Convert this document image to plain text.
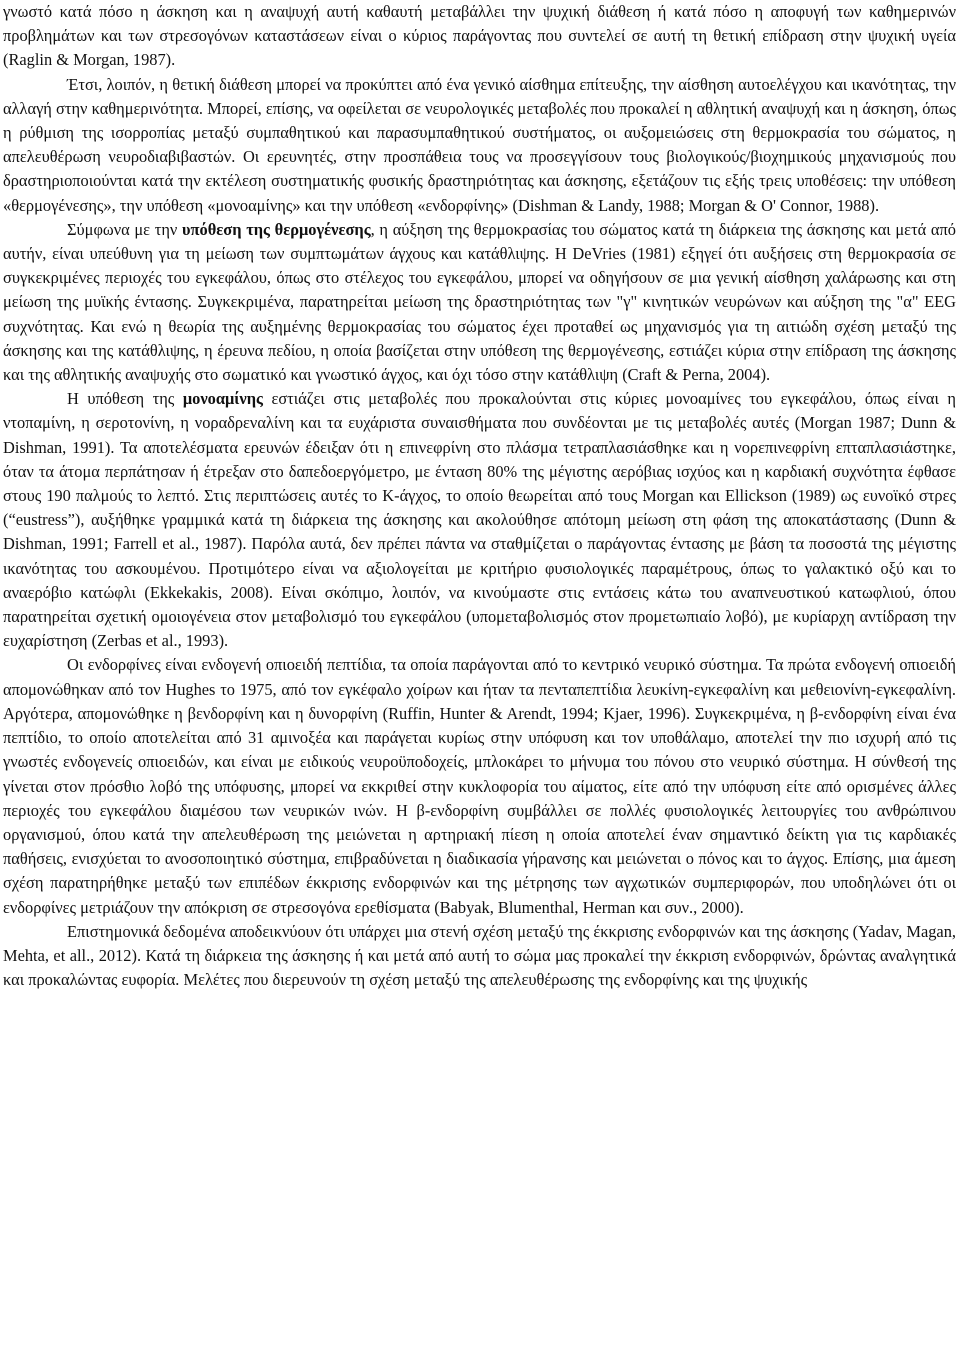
γνωστό κατά πόσο η άσκηση και η αναψυχή αυτή καθαυτή μεταβάλλει την ψυχική διάθεση ή κατά πόσο η αποφυγή των καθημερινών προβλημάτων και των στρεσογόνων καταστάσεων είναι ο κύριος παράγοντας που συντελεί σε αυτή τη θετική επίδραση στην ψυχική υγεία (Raglin & Morgan, 1987).

Έτσι, λοιπόν, η θετική διάθεση μπορεί να προκύπτει από ένα γενικό αίσθημα επίτευξης, την αίσθηση αυτοελέγχου και ικανότητας, την αλλαγή στην καθημερινότητα. Μπορεί, επίσης, να οφείλεται σε νευρολογικές μεταβολές που προκαλεί η αθλητική αναψυχή και η άσκηση, όπως η ρύθμιση της ισορροπίας μεταξύ συμπαθητικού και παρασυμπαθητικού συστήματος, οι αυξομειώσεις στη θερμοκρασία του σώματος, η απελευθέρωση νευροδιαβιβαστών. Οι ερευνητές, στην προσπάθεια τους να προσεγγίσουν τους βιολογικούς/βιοχημικούς μηχανισμούς που δραστηριοποιούνται κατά την εκτέλεση συστηματικής φυσικής δραστηριότητας και άσκησης, εξετάζουν τις εξής τρεις υποθέσεις: την υπόθεση «θερμογένεσης», την υπόθεση «μονοαμίνης» και την υπόθεση «ενδορφίνης» (Dishman & Landy, 1988; Morgan & O' Connor, 1988).

Σύμφωνα με την υπόθεση της θερμογένεσης, η αύξηση της θερμοκρασίας του σώματος κατά τη διάρκεια της άσκησης και μετά από αυτήν, είναι υπεύθυνη για τη μείωση των συμπτωμάτων άγχους και κατάθλιψης. Η DeVries (1981) εξηγεί ότι αυξήσεις στη θερμοκρασία σε συγκεκριμένες περιοχές του εγκεφάλου, όπως στο στέλεχος του εγκεφάλου, μπορεί να οδηγήσουν σε μια γενική αίσθηση χαλάρωσης και στη μείωση της μυϊκής έντασης. Συγκεκριμένα, παρατηρείται μείωση της δραστηριότητας των "γ" κινητικών νευρώνων και αύξηση της "α" EEG συχνότητας. Και ενώ η θεωρία της αυξημένης θερμοκρασίας του σώματος έχει προταθεί ως μηχανισμός για τη αιτιώδη σχέση μεταξύ της άσκησης και της κατάθλιψης, η έρευνα πεδίου, η οποία βασίζεται στην υπόθεση της θερμογένεσης, εστιάζει κύρια στην επίδραση της άσκησης και της αθλητικής αναψυχής στο σωματικό και γνωστικό άγχος, και όχι τόσο στην κατάθλιψη (Craft & Perna, 2004).

Η υπόθεση της μονοαμίνης εστιάζει στις μεταβολές που προκαλούνται στις κύριες μονοαμίνες του εγκεφάλου, όπως είναι η ντοπαμίνη, η σεροτονίνη, η νοραδρεναλίνη και τα ευχάριστα συναισθήματα που συνδέονται με τις μεταβολές αυτές (Morgan 1987; Dunn & Dishman, 1991). Τα αποτελέσματα ερευνών έδειξαν ότι η επινεφρίνη στο πλάσμα τετραπλασιάσθηκε και η νορεπινεφρίνη επταπλασιάστηκε, όταν τα άτομα περπάτησαν ή έτρεξαν στο δαπεδοεργόμετρο, με ένταση 80% της μέγιστης αερόβιας ισχύος και η καρδιακή συχνότητα έφθασε στους 190 παλμούς το λεπτό. Στις περιπτώσεις αυτές το Κ-άγχος, το οποίο θεωρείται από τους Morgan και Ellickson (1989) ως ευνοϊκό στρες (“eustress”), αυξήθηκε γραμμικά κατά τη διάρκεια της άσκησης και ακολούθησε απότομη μείωση στη φάση της αποκατάστασης (Dunn & Dishman, 1991; Farrell et al., 1987). Παρόλα αυτά, δεν πρέπει πάντα να σταθμίζεται ο παράγοντας έντασης με βάση τα ποσοστά της μέγιστης ικανότητας του ασκουμένου. Προτιμότερο είναι να αξιολογείται με κριτήριο φυσιολογικές παραμέτρους, όπως το γαλακτικό οξύ και το αναερόβιο κατώφλι (Ekkekakis, 2008). Είναι σκόπιμο, λοιπόν, να κινούμαστε στις εντάσεις κάτω του αναπνευστικού κατωφλιού, όπου παρατηρείται σχετική ομοιογένεια στον μεταβολισμό του εγκεφάλου (υπομεταβολισμός στον προμετωπιαίο λοβό), με κυρίαρχη αντίδραση την ευχαρίστηση (Zerbas et al., 1993).

Οι ενδορφίνες είναι ενδογενή οπιοειδή πεπτίδια, τα οποία παράγονται από το κεντρικό νευρικό σύστημα. Τα πρώτα ενδογενή οπιοειδή απομονώθηκαν από τον Hughes το 1975, από τον εγκέφαλο χοίρων και ήταν τα πενταπεπτίδια λευκίνη-εγκεφαλίνη και μεθειονίνη-εγκεφαλίνη. Αργότερα, απομονώθηκε η βενδορφίνη και η δυνορφίνη (Ruffin, Hunter & Arendt, 1994; Kjaer, 1996). Συγκεκριμένα, η β-ενδορφίνη είναι ένα πεπτίδιο, το οποίο αποτελείται από 31 αμινοξέα και παράγεται κυρίως στην υπόφυση και τον υποθάλαμο, αποτελεί την πιο ισχυρή από τις γνωστές ενδογενείς οπιοειδών, και είναι με ειδικούς νευροϋποδοχείς, μπλοκάρει το μήνυμα του πόνου στο νευρικό σύστημα. Η σύνθεσή της γίνεται στον πρόσθιο λοβό της υπόφυσης, μπορεί να εκκριθεί στην κυκλοφορία του αίματος, είτε από την υπόφυση είτε από ορισμένες άλλες περιοχές του εγκεφάλου διαμέσου των νευρικών ινών. Η β-ενδορφίνη συμβάλλει σε πολλές φυσιολογικές λειτουργίες του ανθρώπινου οργανισμού, όπου κατά την απελευθέρωση της μειώνεται η αρτηριακή πίεση η οποία αποτελεί έναν σημαντικό δείκτη για τις καρδιακές παθήσεις, ενισχύεται το ανοσοποιητικό σύστημα, επιβραδύνεται η διαδικασία γήρανσης και μειώνεται ο πόνος και το άγχος. Επίσης, μια άμεση σχέση παρατηρήθηκε μεταξύ των επιπέδων έκκρισης ενδορφινών και της μέτρησης των αγχωτικών συμπεριφορών, που υποδηλώνει ότι οι ενδορφίνες μετριάζουν την απόκριση σε στρεσογόνα ερεθίσματα (Babyak, Blumenthal, Herman και συν., 2000).

Επιστημονικά δεδομένα αποδεικνύουν ότι υπάρχει μια στενή σχέση μεταξύ της έκκρισης ενδορφινών και της άσκησης (Yadav, Magan, Mehta, et all., 2012). Κατά τη διάρκεια της άσκησης ή και μετά από αυτή το σώμα μας προκαλεί την έκκριση ενδορφινών, δρώντας αναλγητικά και προκαλώντας ευφορία. Μελέτες που διερευνούν τη σχέση μεταξύ της απελευθέρωσης της ενδορφίνης και της ψυχικής
